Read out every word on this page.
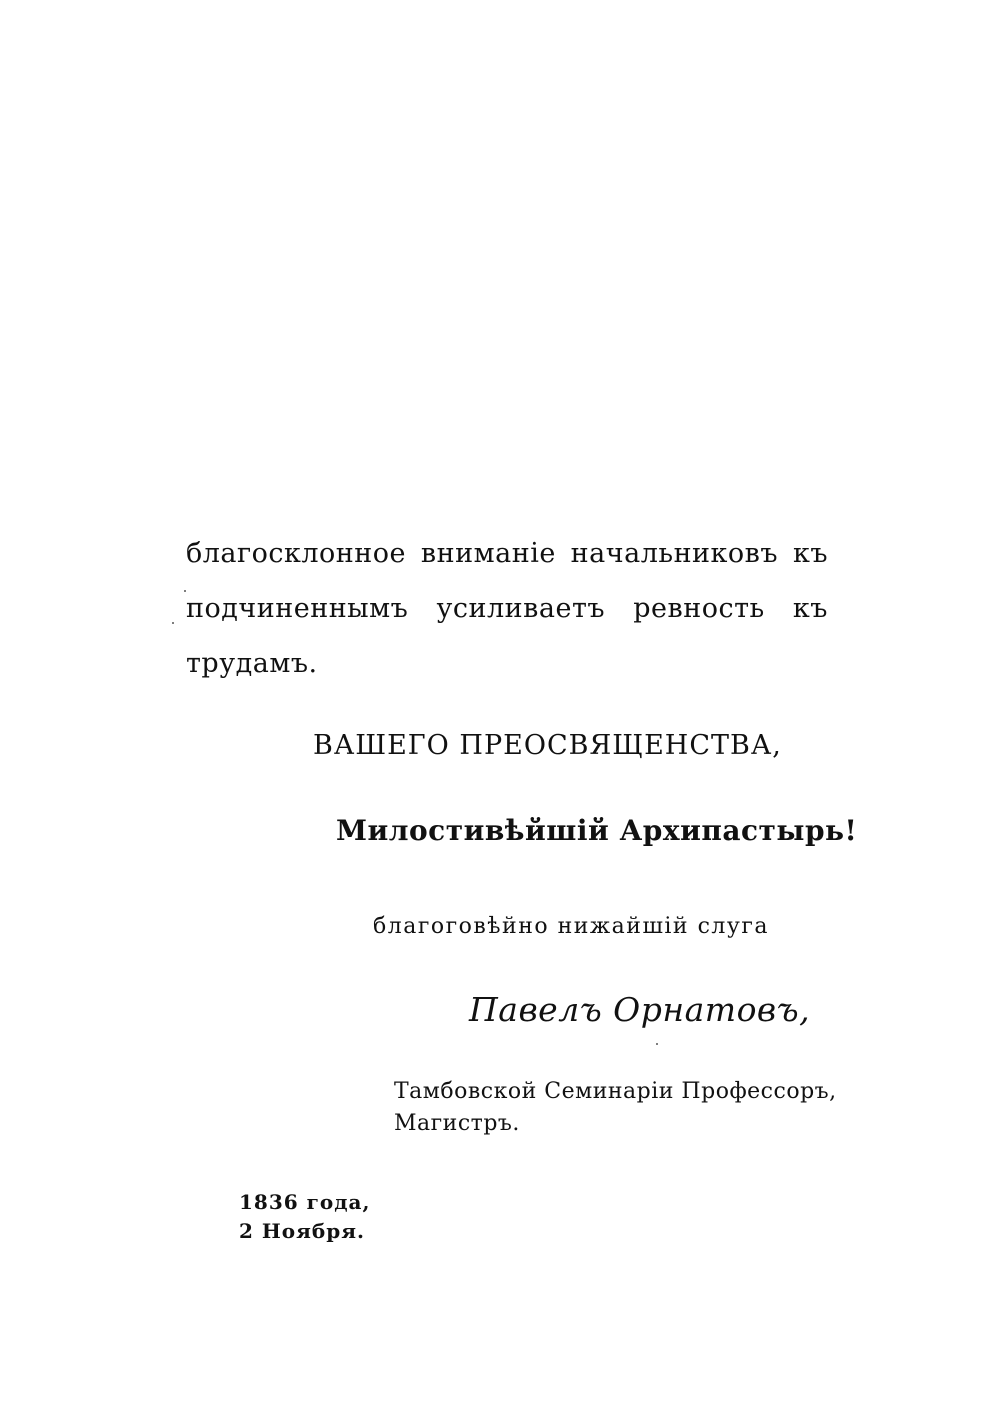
благосклонное вниманіе начальниковъ къ
подчиненнымъ усиливаетъ ревность къ
трудамъ.
ВАШЕГО ПРЕОСВЯЩЕНСТВА,
Милостивѣйшій Архипастырь!
благоговѣйно нижайшій слуга
Павелъ Орнатовъ,
Тамбовской Семинаріи Профессоръ,
Магистръ.
1836 года,
2 Ноября.
